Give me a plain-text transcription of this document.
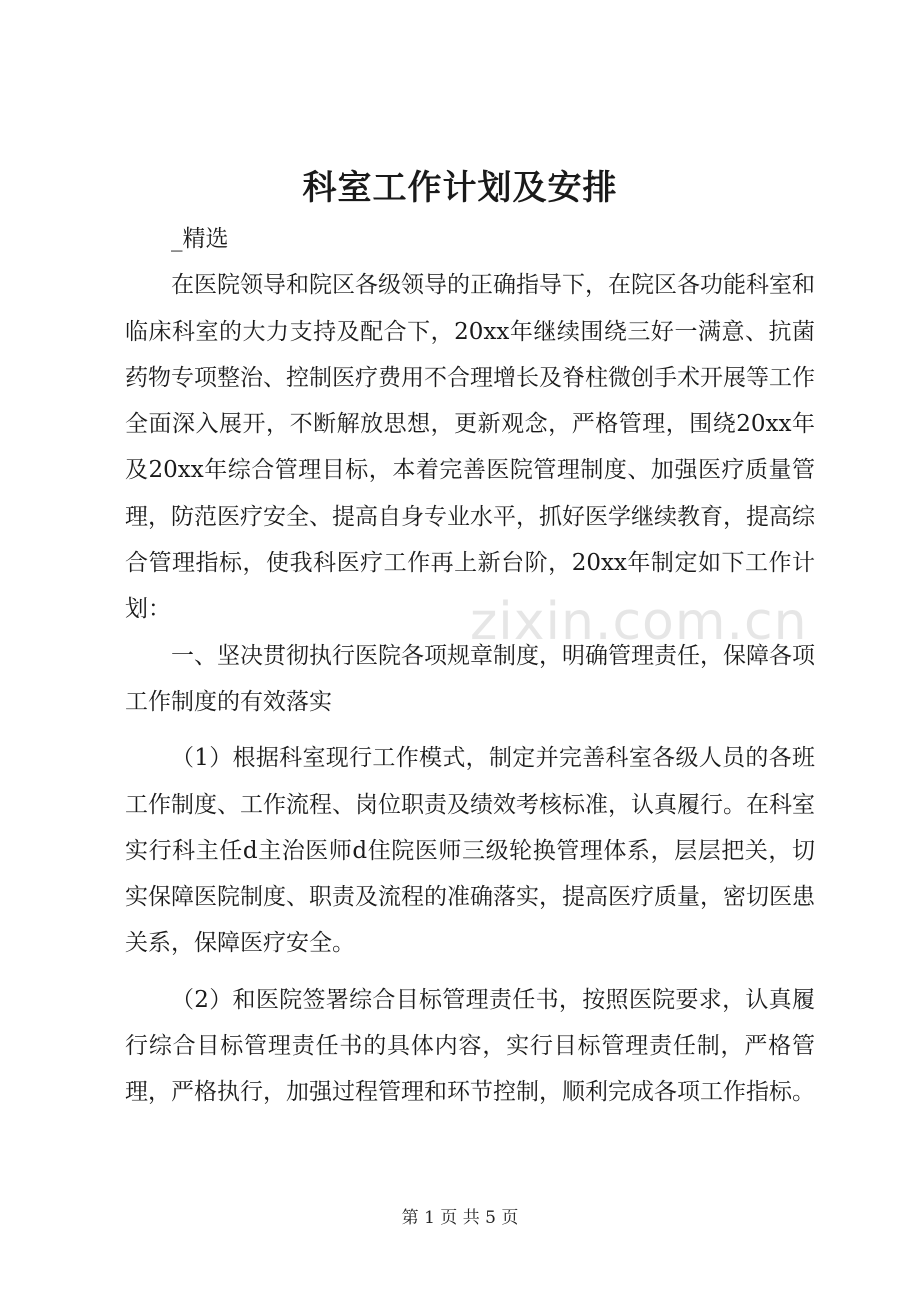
zixin.com.cn
科室工作计划及安排
_精选

在医院领导和院区各级领导的正确指导下，在院区各功能科室和临床科室的大力支持及配合下，20xx年继续围绕三好一满意、抗菌药物专项整治、控制医疗费用不合理增长及脊柱微创手术开展等工作全面深入展开，不断解放思想，更新观念，严格管理，围绕20xx年及20xx年综合管理目标，本着完善医院管理制度、加强医疗质量管理，防范医疗安全、提高自身专业水平，抓好医学继续教育，提高综合管理指标，使我科医疗工作再上新台阶，20xx年制定如下工作计划：

一、坚决贯彻执行医院各项规章制度，明确管理责任，保障各项工作制度的有效落实

（1）根据科室现行工作模式，制定并完善科室各级人员的各班工作制度、工作流程、岗位职责及绩效考核标准，认真履行。在科室实行科主任d主治医师d住院医师三级轮换管理体系，层层把关，切实保障医院制度、职责及流程的准确落实，提高医疗质量，密切医患关系，保障医疗安全。

（2）和医院签署综合目标管理责任书，按照医院要求，认真履行综合目标管理责任书的具体内容，实行目标管理责任制，严格管理，严格执行，加强过程管理和环节控制，顺利完成各项工作指标。

第 1 页 共 5 页
